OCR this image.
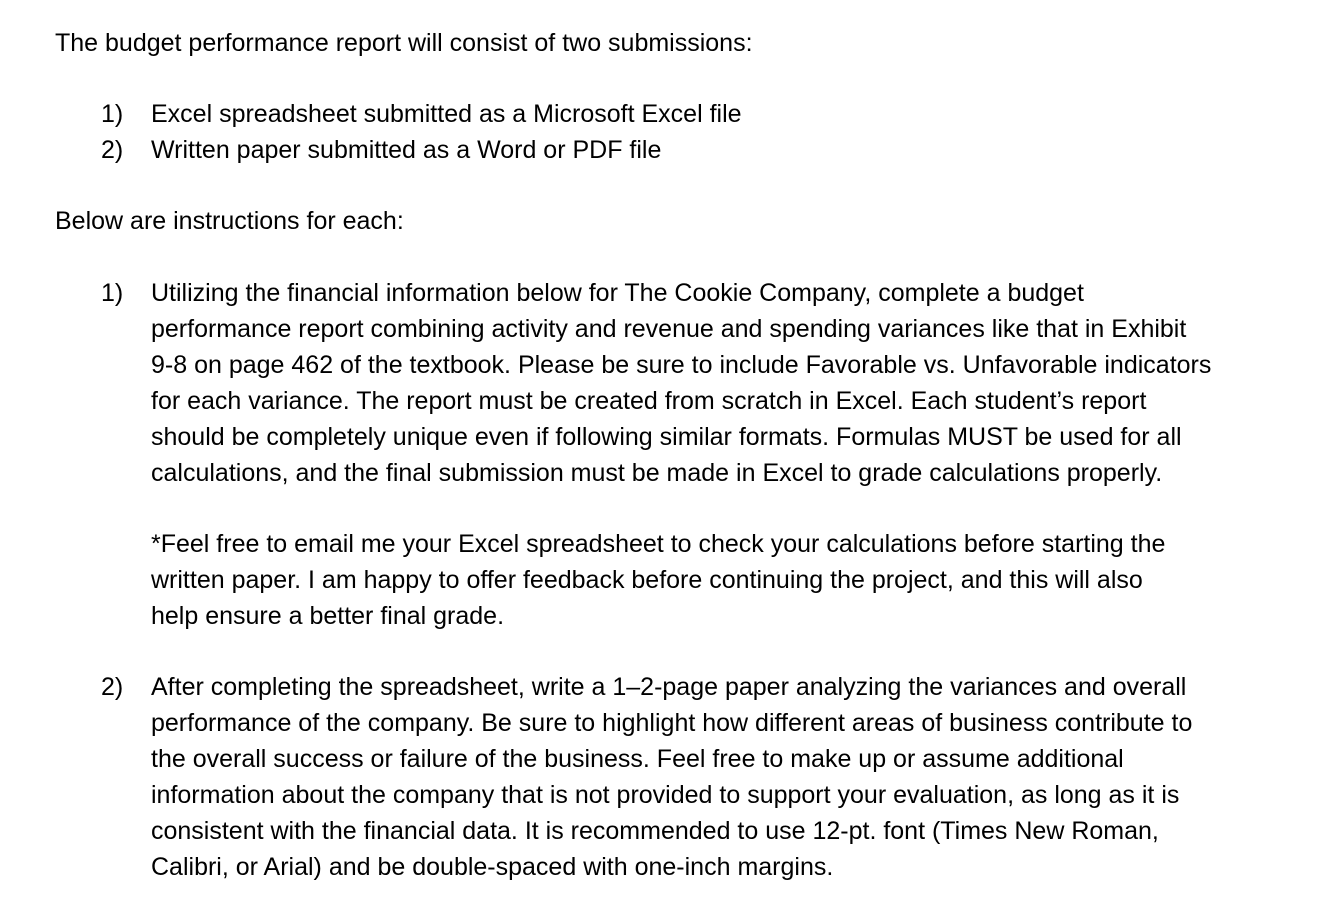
The budget performance report will consist of two submissions:

1) Excel spreadsheet submitted as a Microsoft Excel file
2) Written paper submitted as a Word or PDF file

Below are instructions for each:

1) Utilizing the financial information below for The Cookie Company, complete a budget
performance report combining activity and revenue and spending variances like that in Exhibit
9-8 on page 462 of the textbook. Please be sure to include Favorable vs. Unfavorable indicators
for each variance. The report must be created from scratch in Excel. Each student’s report
should be completely unique even if following similar formats. Formulas MUST be used for all
calculations, and the final submission must be made in Excel to grade calculations properly.
*Feel free to email me your Excel spreadsheet to check your calculations before starting the
written paper. I am happy to offer feedback before continuing the project, and this will also
help ensure a better final grade.
2) After completing the spreadsheet, write a 1–2-page paper analyzing the variances and overall
performance of the company. Be sure to highlight how different areas of business contribute to
the overall success or failure of the business. Feel free to make up or assume additional
information about the company that is not provided to support your evaluation, as long as it is
consistent with the financial data. It is recommended to use 12-pt. font (Times New Roman,
Calibri, or Arial) and be double-spaced with one-inch margins.
